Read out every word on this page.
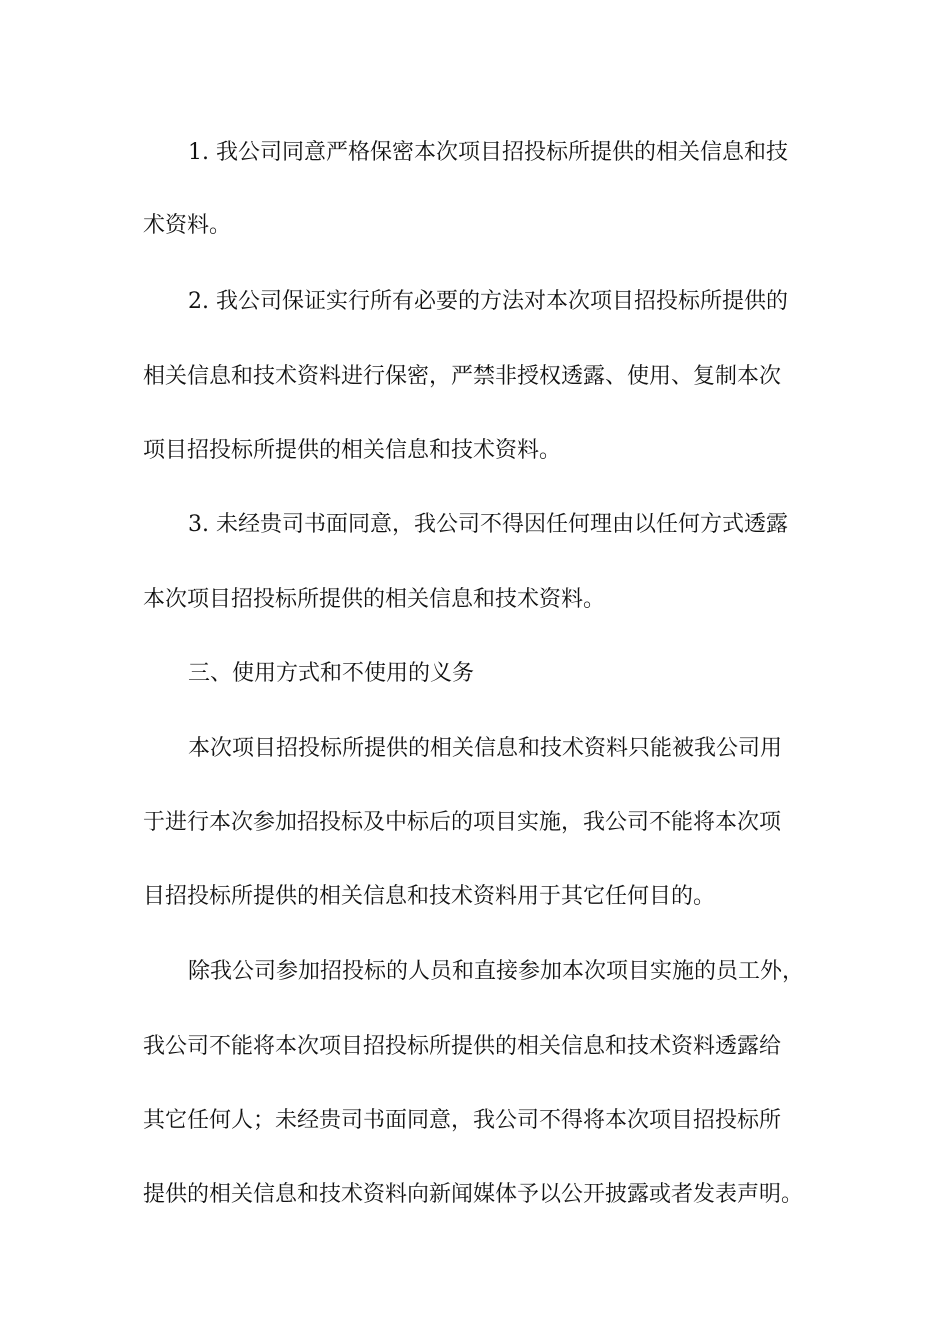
1. 我公司同意严格保密本次项目招投标所提供的相关信息和技
术资料。
2. 我公司保证实行所有必要的方法对本次项目招投标所提供的
相关信息和技术资料进行保密，严禁非授权透露、使用、复制本次
项目招投标所提供的相关信息和技术资料。
3. 未经贵司书面同意，我公司不得因任何理由以任何方式透露
本次项目招投标所提供的相关信息和技术资料。
三、使用方式和不使用的义务
本次项目招投标所提供的相关信息和技术资料只能被我公司用
于进行本次参加招投标及中标后的项目实施，我公司不能将本次项
目招投标所提供的相关信息和技术资料用于其它任何目的。
除我公司参加招投标的人员和直接参加本次项目实施的员工外，
我公司不能将本次项目招投标所提供的相关信息和技术资料透露给
其它任何人；未经贵司书面同意，我公司不得将本次项目招投标所
提供的相关信息和技术资料向新闻媒体予以公开披露或者发表声明。
